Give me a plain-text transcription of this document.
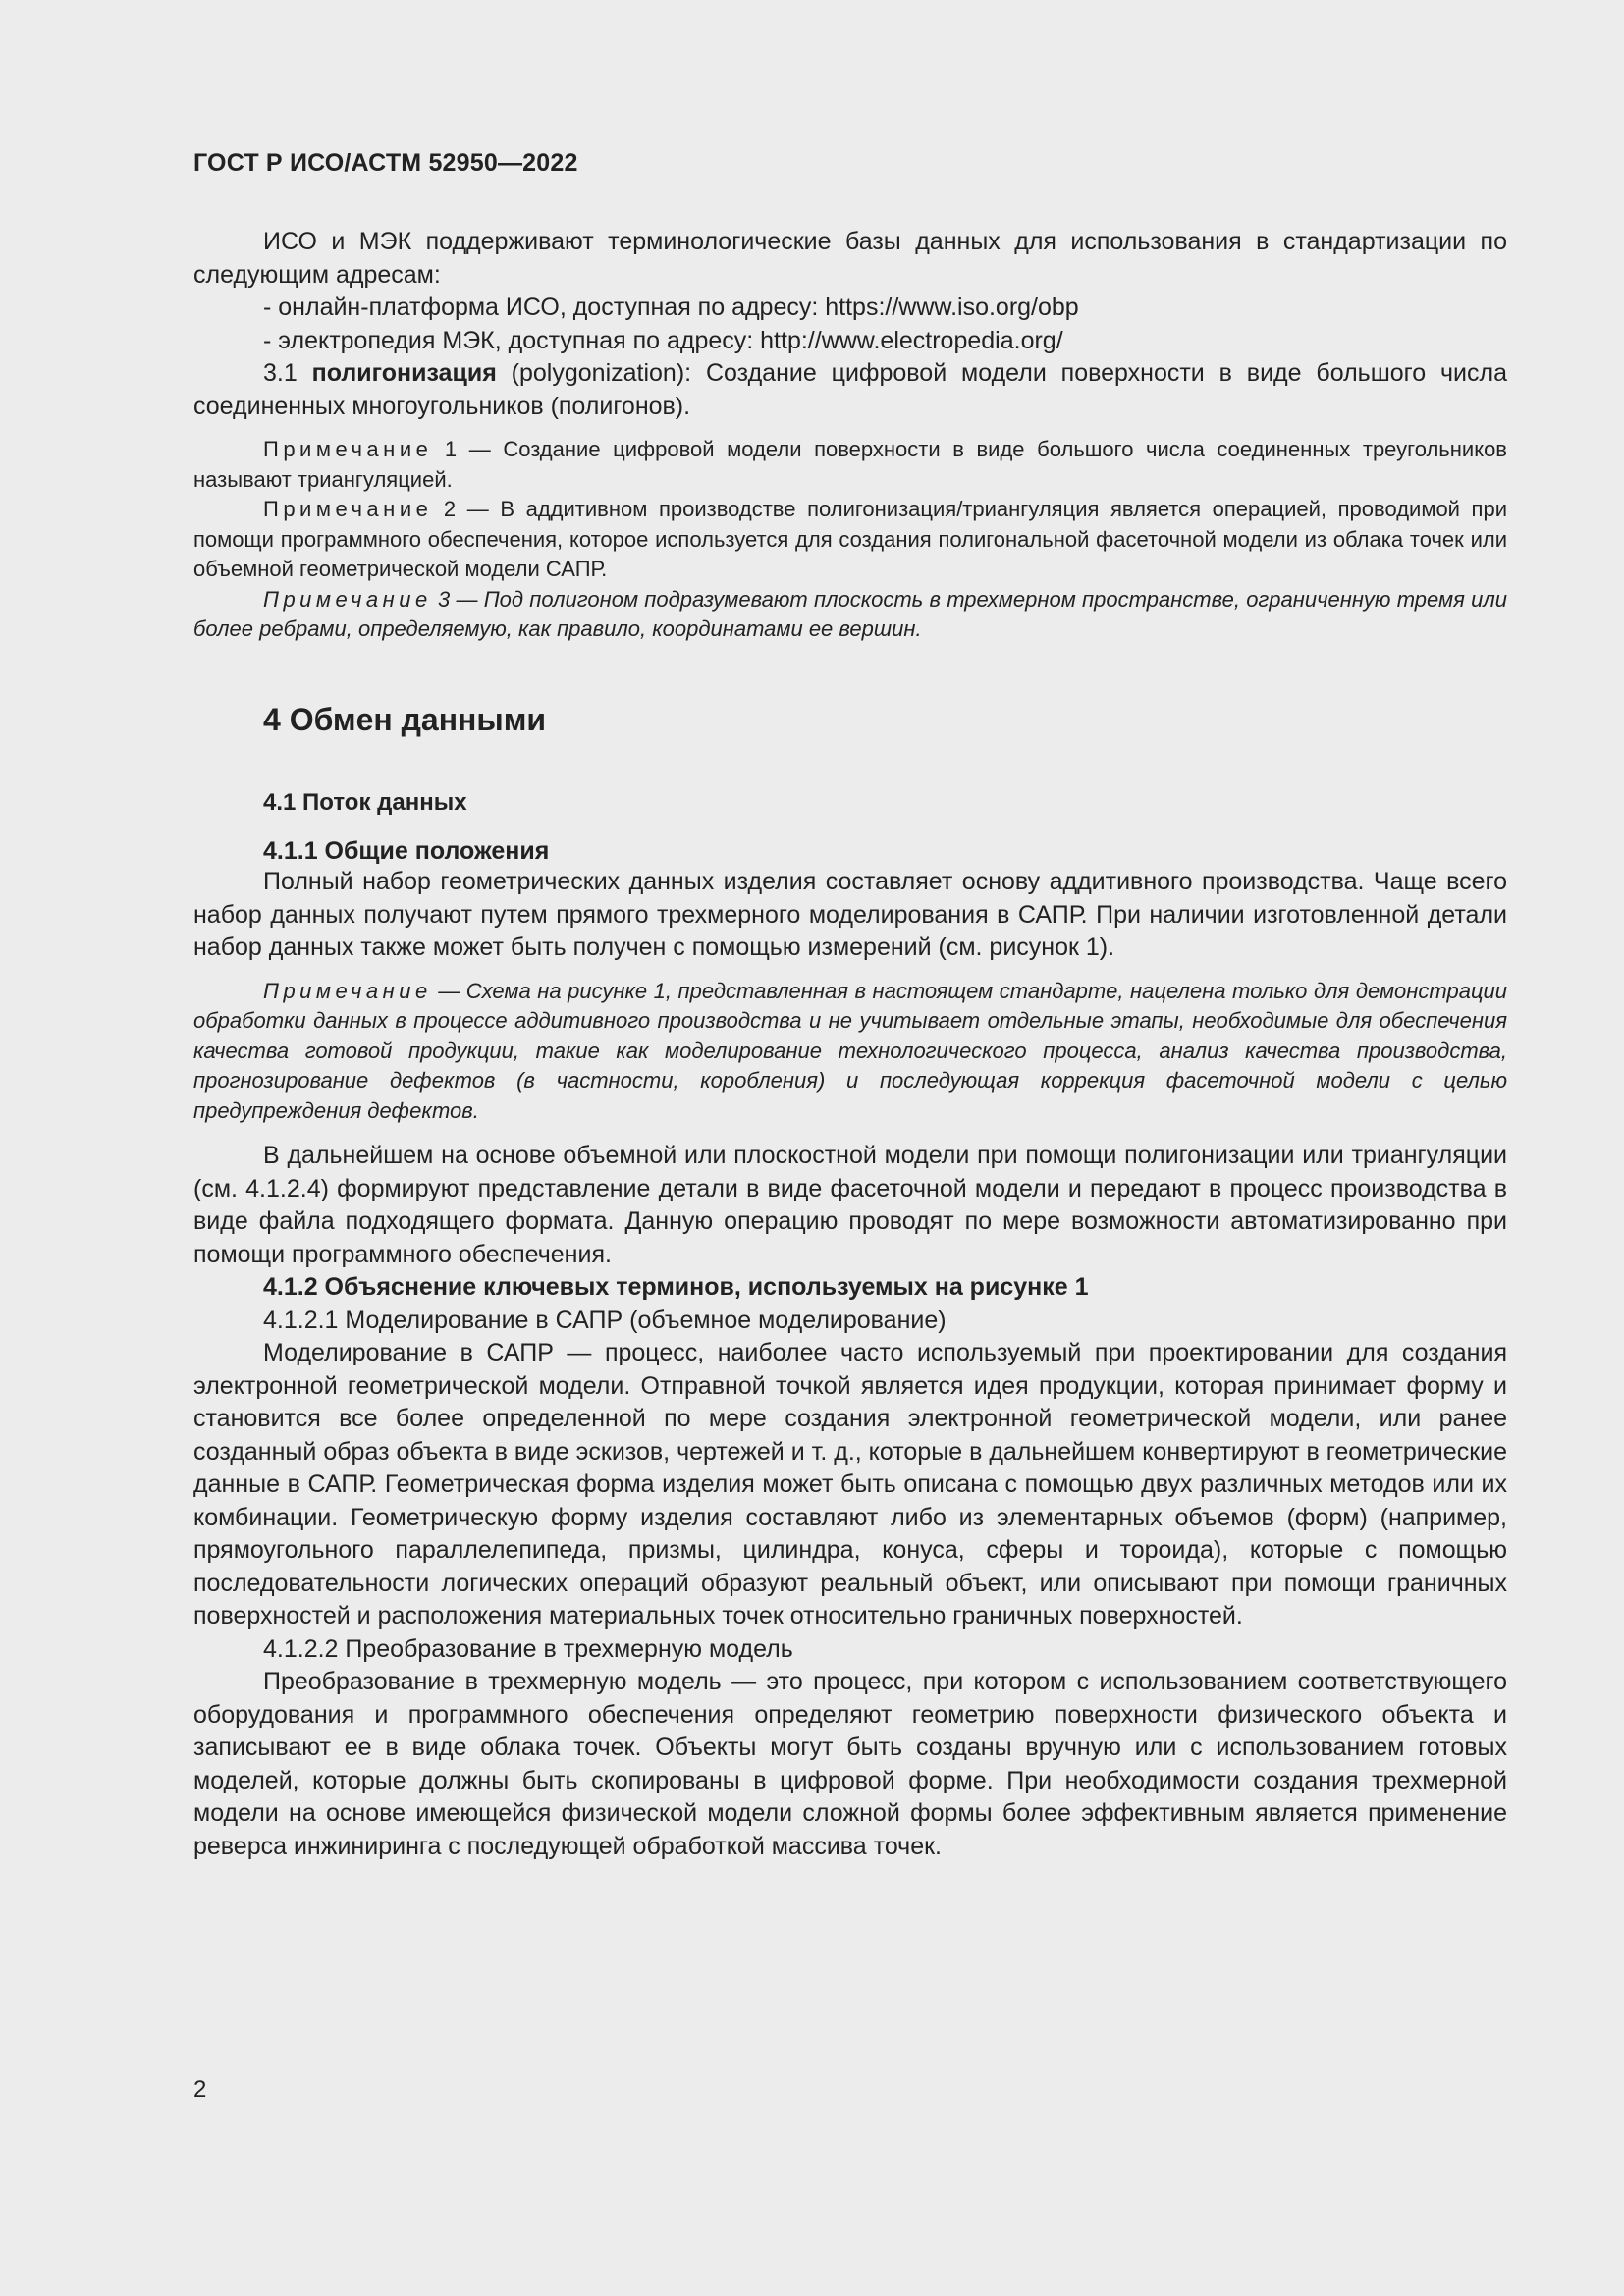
ГОСТ Р ИСО/АСТМ 52950—2022

ИСО и МЭК поддерживают терминологические базы данных для использования в стандартизации по следующим адресам:

- онлайн-платформа ИСО, доступная по адресу: https://www.iso.org/obp

- электропедия МЭК, доступная по адресу: http://www.electropedia.org/

3.1 полигонизация (polygonization): Создание цифровой модели поверхности в виде большого числа соединенных многоугольников (полигонов).

Примечание 1 — Создание цифровой модели поверхности в виде большого числа соединенных треугольников называют триангуляцией.

Примечание 2 — В аддитивном производстве полигонизация/триангуляция является операцией, проводимой при помощи программного обеспечения, которое используется для создания полигональной фасеточной модели из облака точек или объемной геометрической модели САПР.

Примечание 3 — Под полигоном подразумевают плоскость в трехмерном пространстве, ограниченную тремя или более ребрами, определяемую, как правило, координатами ее вершин.

4 Обмен данными
4.1 Поток данных
4.1.1 Общие положения

Полный набор геометрических данных изделия составляет основу аддитивного производства. Чаще всего набор данных получают путем прямого трехмерного моделирования в САПР. При наличии изготовленной детали набор данных также может быть получен с помощью измерений (см. рисунок 1).

Примечание — Схема на рисунке 1, представленная в настоящем стандарте, нацелена только для демонстрации обработки данных в процессе аддитивного производства и не учитывает отдельные этапы, необходимые для обеспечения качества готовой продукции, такие как моделирование технологического процесса, анализ качества производства, прогнозирование дефектов (в частности, коробления) и последующая коррекция фасеточной модели с целью предупреждения дефектов.

В дальнейшем на основе объемной или плоскостной модели при помощи полигонизации или триангуляции (см. 4.1.2.4) формируют представление детали в виде фасеточной модели и передают в процесс производства в виде файла подходящего формата. Данную операцию проводят по мере возможности автоматизированно при помощи программного обеспечения.

4.1.2 Объяснение ключевых терминов, используемых на рисунке 1

4.1.2.1 Моделирование в САПР (объемное моделирование)

Моделирование в САПР — процесс, наиболее часто используемый при проектировании для создания электронной геометрической модели. Отправной точкой является идея продукции, которая принимает форму и становится все более определенной по мере создания электронной геометрической модели, или ранее созданный образ объекта в виде эскизов, чертежей и т. д., которые в дальнейшем конвертируют в геометрические данные в САПР. Геометрическая форма изделия может быть описана с помощью двух различных методов или их комбинации. Геометрическую форму изделия составляют либо из элементарных объемов (форм) (например, прямоугольного параллелепипеда, призмы, цилиндра, конуса, сферы и тороида), которые с помощью последовательности логических операций образуют реальный объект, или описывают при помощи граничных поверхностей и расположения материальных точек относительно граничных поверхностей.

4.1.2.2 Преобразование в трехмерную модель

Преобразование в трехмерную модель — это процесс, при котором с использованием соответствующего оборудования и программного обеспечения определяют геометрию поверхности физического объекта и записывают ее в виде облака точек. Объекты могут быть созданы вручную или с использованием готовых моделей, которые должны быть скопированы в цифровой форме. При необходимости создания трехмерной модели на основе имеющейся физической модели сложной формы более эффективным является применение реверса инжиниринга с последующей обработкой массива точек.

2
